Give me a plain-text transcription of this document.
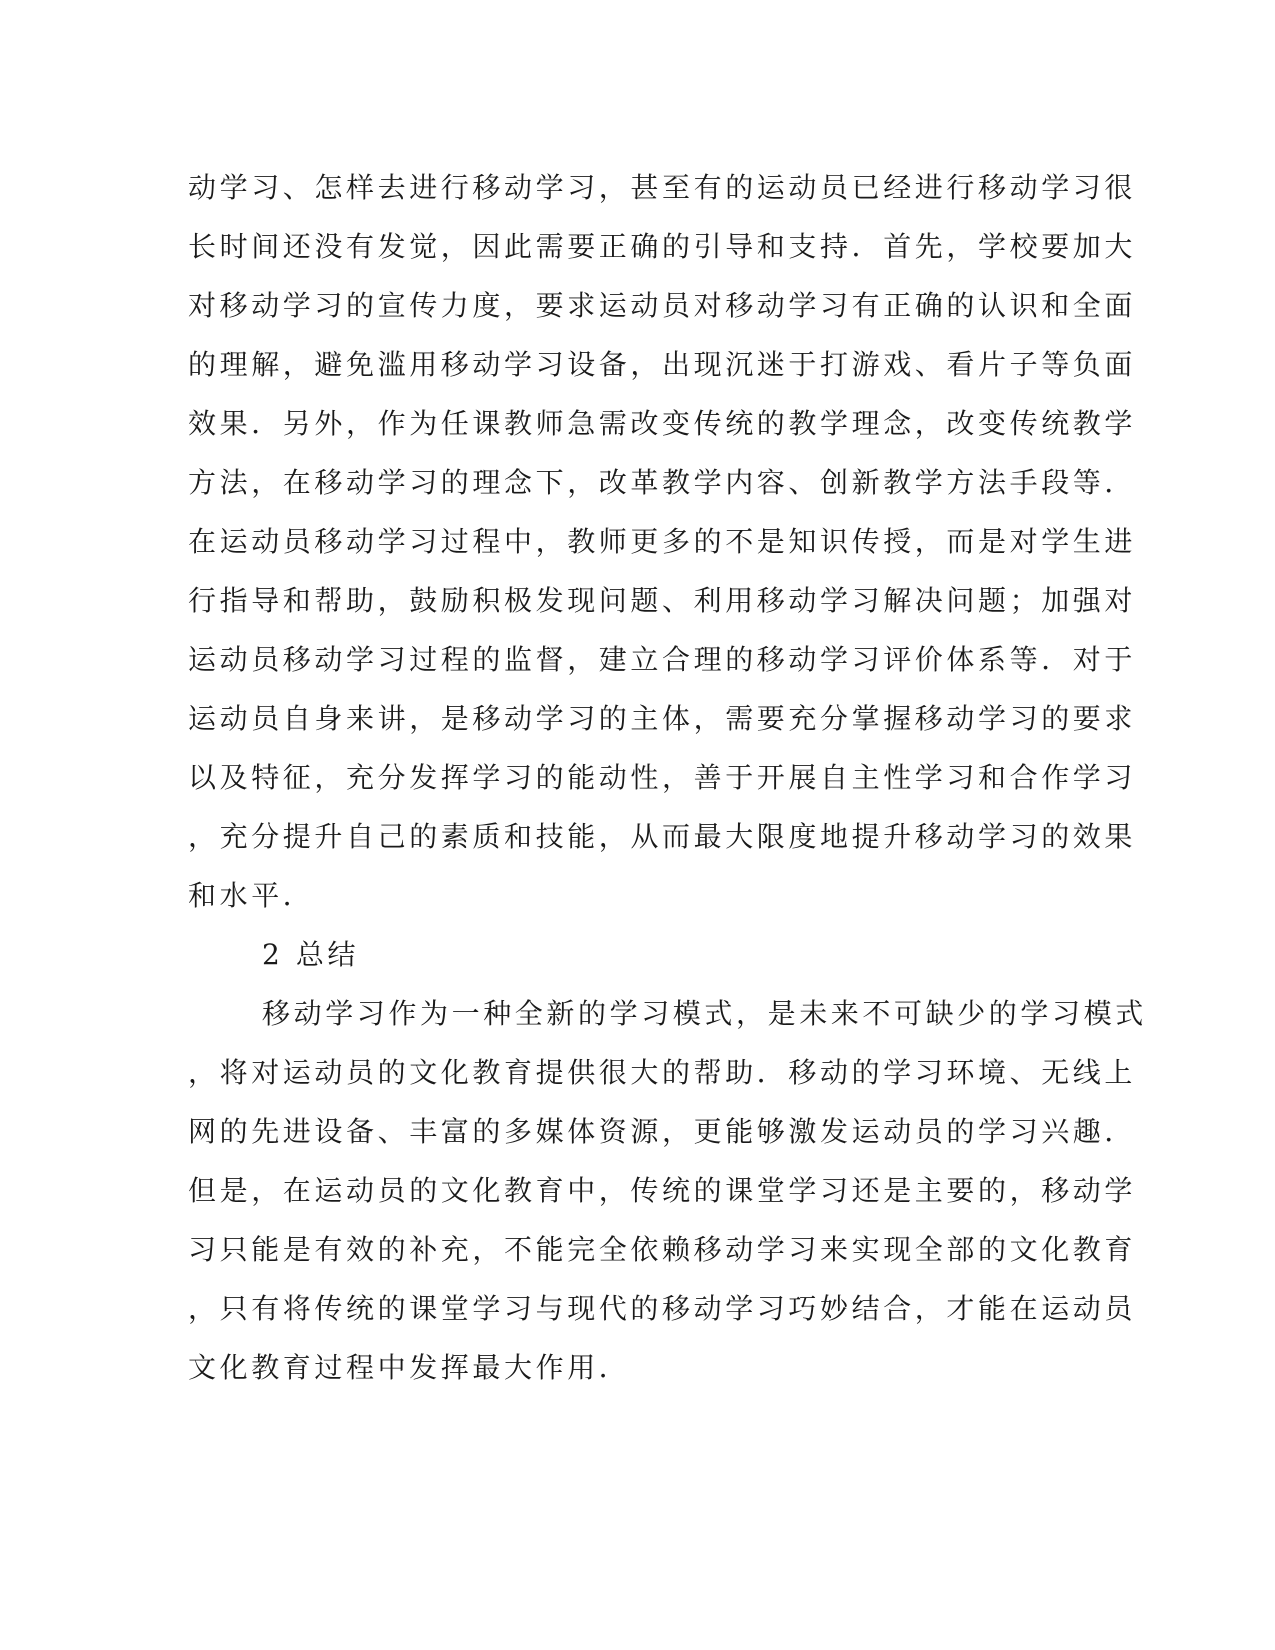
动学习、怎样去进行移动学习，甚至有的运动员已经进行移动学习很
长时间还没有发觉，因此需要正确的引导和支持．首先，学校要加大
对移动学习的宣传力度，要求运动员对移动学习有正确的认识和全面
的理解，避免滥用移动学习设备，出现沉迷于打游戏、看片子等负面
效果．另外，作为任课教师急需改变传统的教学理念，改变传统教学
方法，在移动学习的理念下，改革教学内容、创新教学方法手段等．
在运动员移动学习过程中，教师更多的不是知识传授，而是对学生进
行指导和帮助，鼓励积极发现问题、利用移动学习解决问题；加强对
运动员移动学习过程的监督，建立合理的移动学习评价体系等．对于
运动员自身来讲，是移动学习的主体，需要充分掌握移动学习的要求
以及特征，充分发挥学习的能动性，善于开展自主性学习和合作学习
，充分提升自己的素质和技能，从而最大限度地提升移动学习的效果
和水平．
2 总结
移动学习作为一种全新的学习模式，是未来不可缺少的学习模式
，将对运动员的文化教育提供很大的帮助．移动的学习环境、无线上
网的先进设备、丰富的多媒体资源，更能够激发运动员的学习兴趣．
但是，在运动员的文化教育中，传统的课堂学习还是主要的，移动学
习只能是有效的补充，不能完全依赖移动学习来实现全部的文化教育
，只有将传统的课堂学习与现代的移动学习巧妙结合，才能在运动员
文化教育过程中发挥最大作用．
